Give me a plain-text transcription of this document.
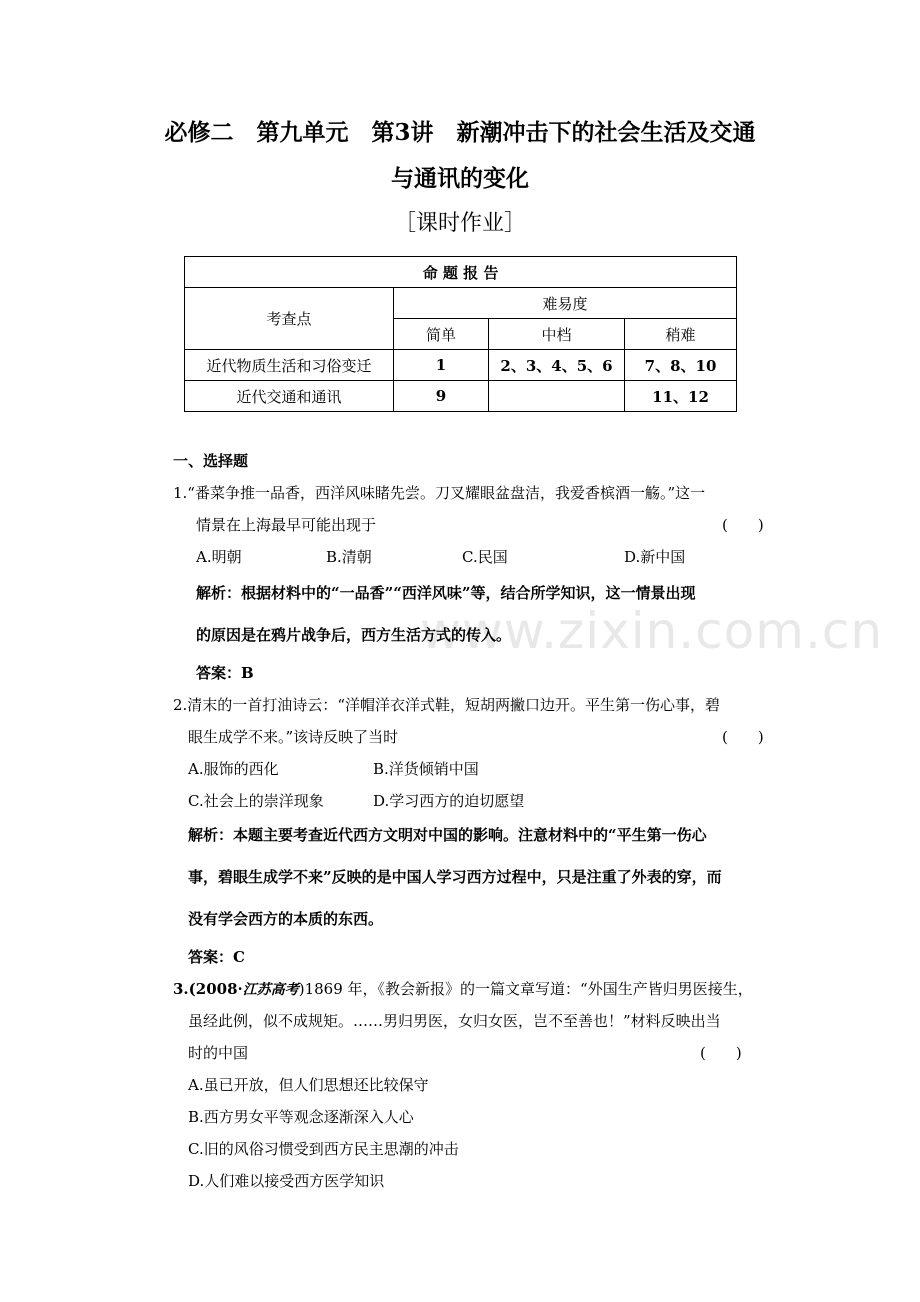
www.zixin.com.cn
必修二　第九单元　第3讲　新潮冲击下的社会生活及交通
与通讯的变化
［课时作业］
命 题 报 告			
考查点	难易度		
	简单	中档	稍难
近代物质生活和习俗变迁	1	2、3、4、5、6	7、8、10
近代交通和通讯	9		11、12
一、选择题
1.“番菜争推一品香，西洋风味睹先尝。刀叉耀眼盆盘洁，我爱香槟酒一觞。”这一
情景在上海最早可能出现于	(　　)
A.明朝	B.清朝	C.民国	D.新中国
解析：根据材料中的“一品香”“西洋风味”等，结合所学知识，这一情景出现
的原因是在鸦片战争后，西方生活方式的传入。
答案：B
2.清末的一首打油诗云：“洋帽洋衣洋式鞋，短胡两撇口边开。平生第一伤心事，碧
眼生成学不来。”该诗反映了当时	(　　)
A.服饰的西化	B.洋货倾销中国
C.社会上的崇洋现象	D.学习西方的迫切愿望
解析：本题主要考查近代西方文明对中国的影响。注意材料中的“平生第一伤心
事，碧眼生成学不来”反映的是中国人学习西方过程中，只是注重了外表的穿，而
没有学会西方的本质的东西。
答案：C
3.(2008·江苏高考)1869 年，《教会新报》的一篇文章写道：“外国生产皆归男医接生，
虽经此例，似不成规矩。……男归男医，女归女医，岂不至善也！”材料反映出当
时的中国	(　　)
A.虽已开放，但人们思想还比较保守
B.西方男女平等观念逐渐深入人心
C.旧的风俗习惯受到西方民主思潮的冲击
D.人们难以接受西方医学知识
